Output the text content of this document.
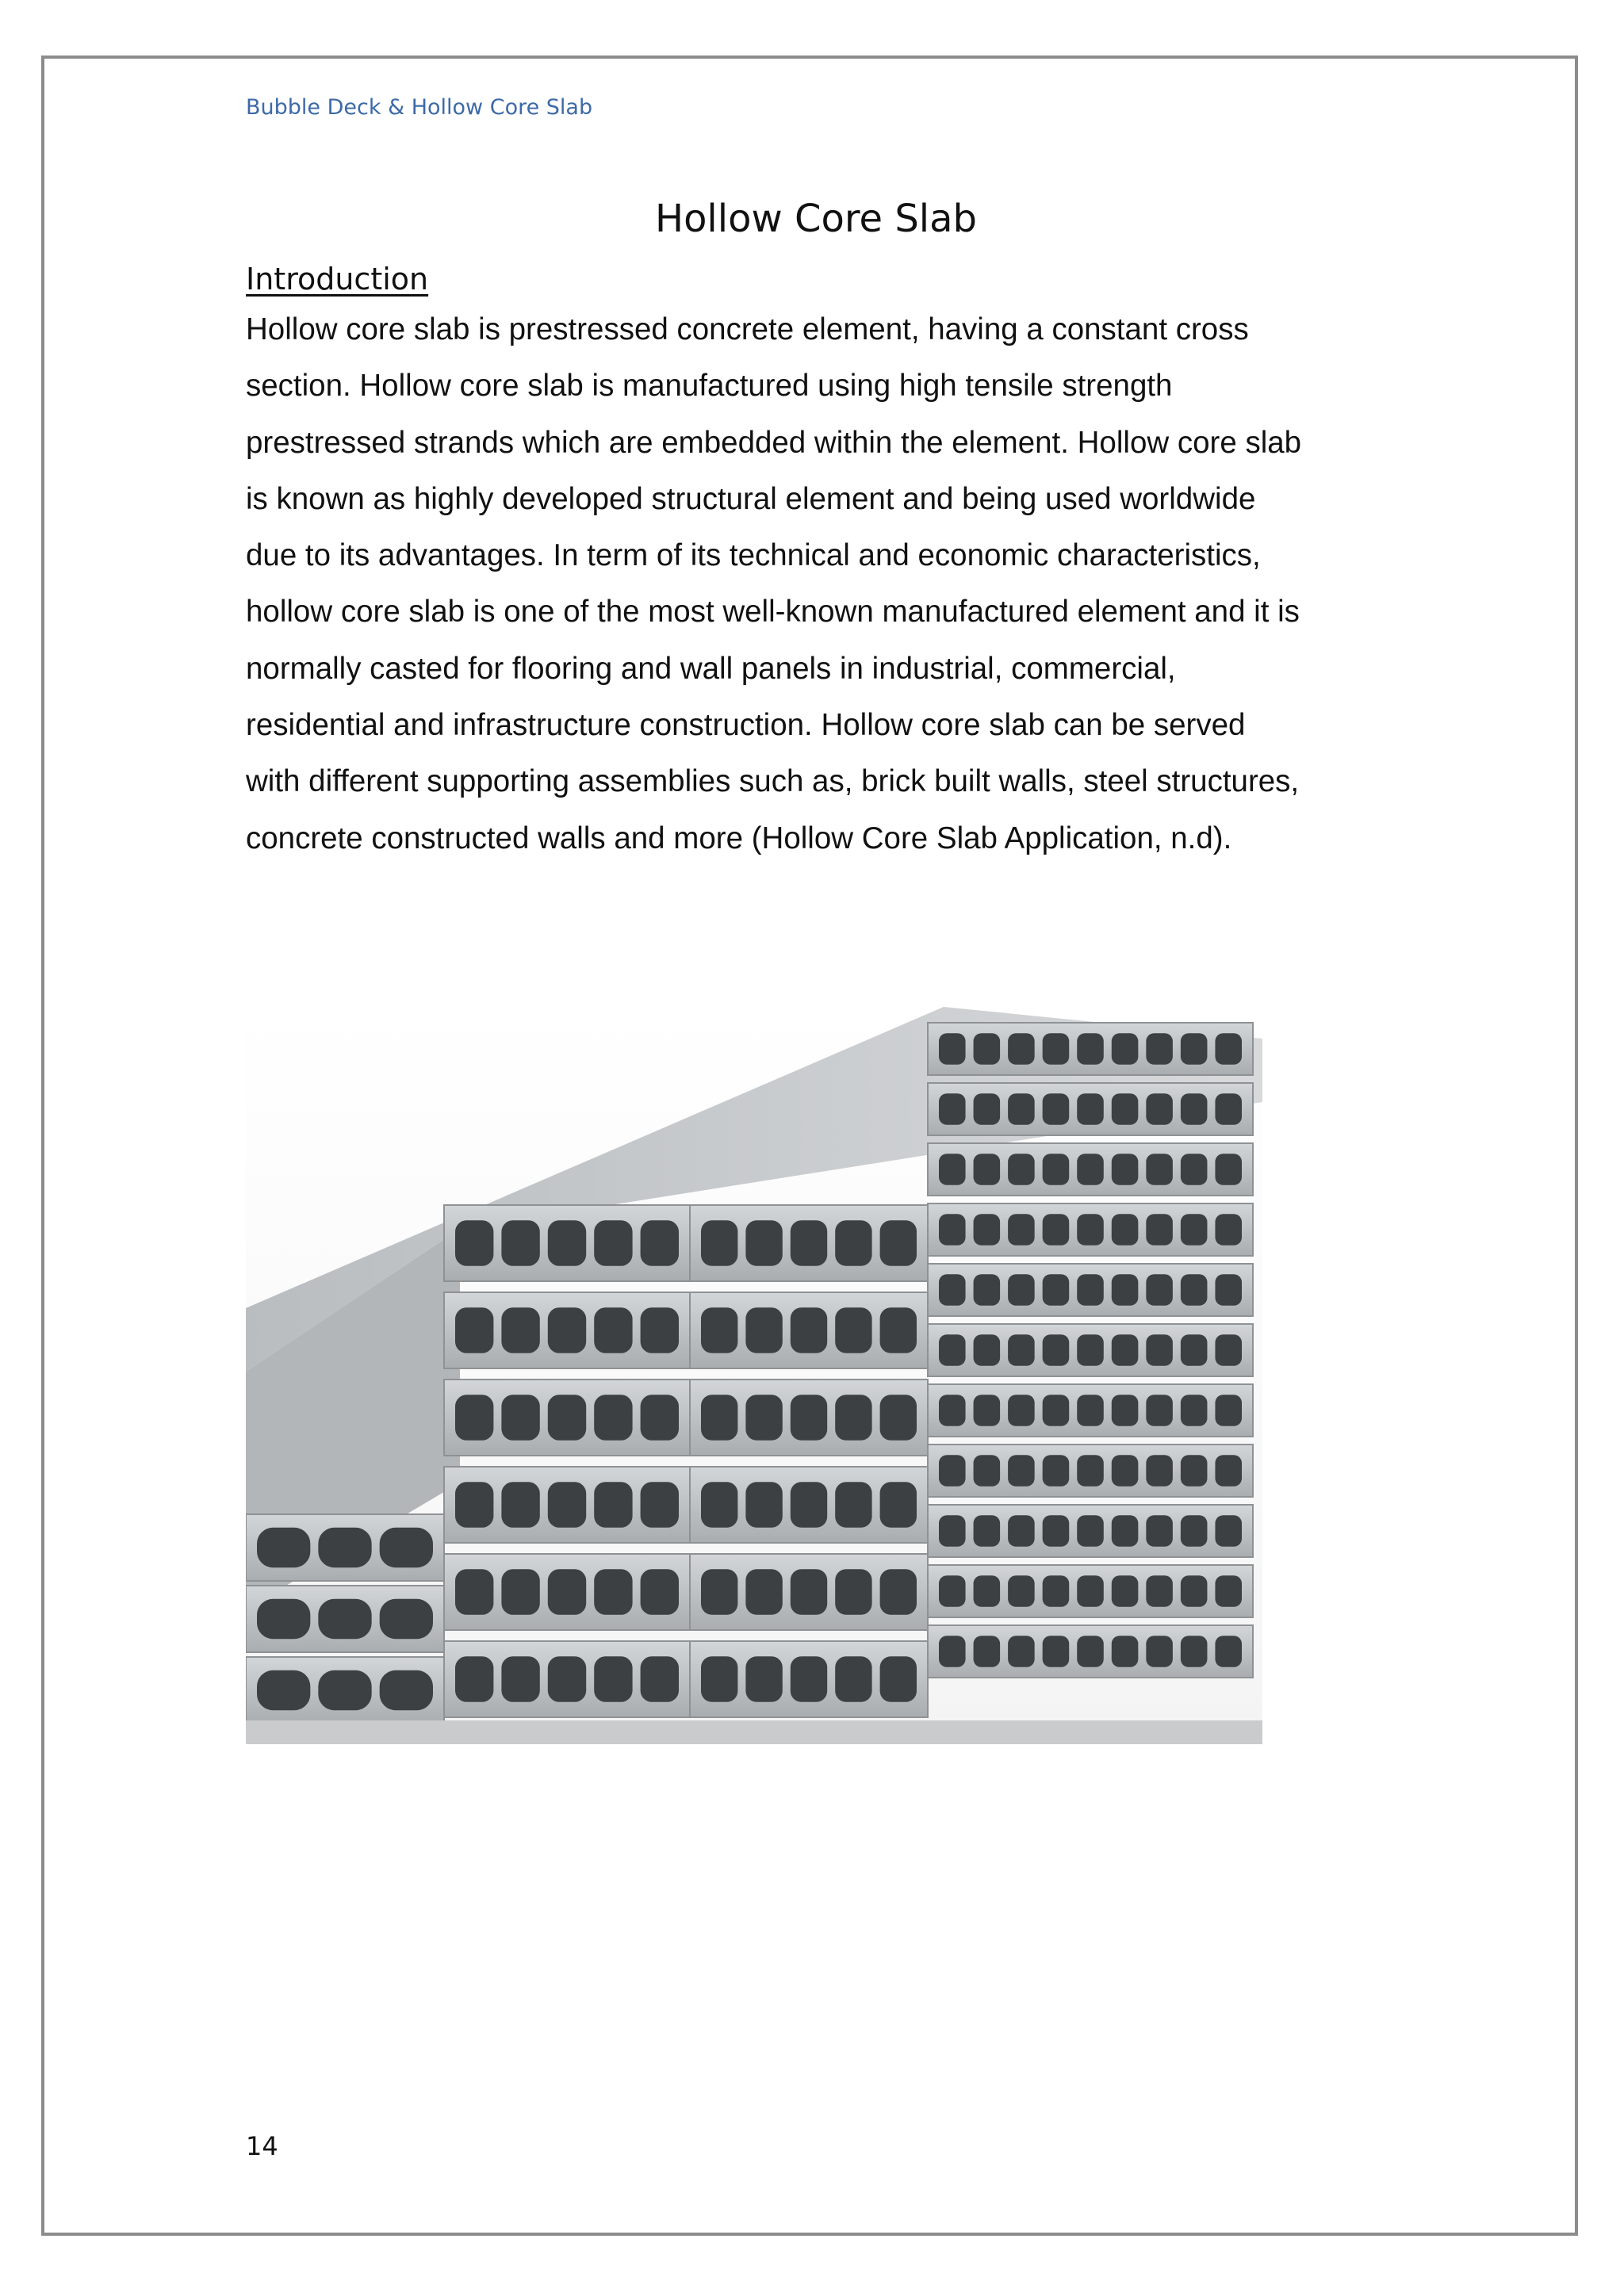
Bubble Deck & Hollow Core Slab
Hollow Core Slab
Introduction
Hollow core slab is prestressed concrete element, having a constant cross
section. Hollow core slab is manufactured using high tensile strength
prestressed strands which are embedded within the element. Hollow core slab
is known as highly developed structural element and being used worldwide
due to its advantages. In term of its technical and economic characteristics,
hollow core slab is one of the most well-known manufactured element and it is
normally casted for flooring and wall panels in industrial, commercial,
residential and infrastructure construction. Hollow core slab can be served
with different supporting assemblies such as, brick built walls, steel structures,
concrete constructed walls and more (Hollow Core Slab Application, n.d).
14
